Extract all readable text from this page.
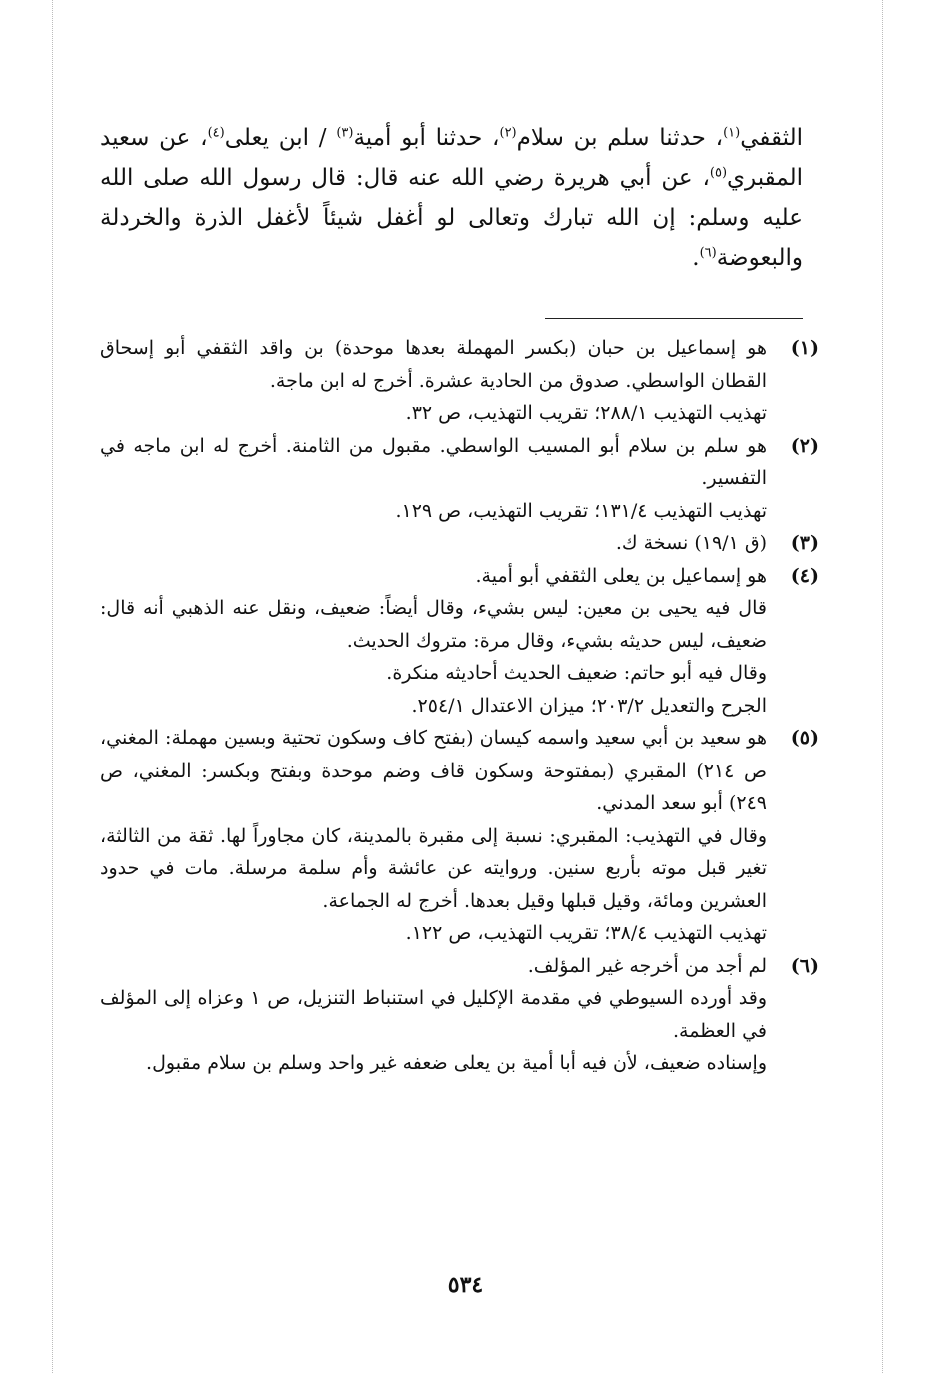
الثقفي$^{(١)}$، حدثنا سلم بن سلام$^{(٢)}$، حدثنا أبو أمية$^{(٣)}$ / ابن يعلى$^{(٤)}$، عن سعيد المقبري$^{(٥)}$، عن أبي هريرة رضي الله عنه قال: قال رسول الله صلى الله عليه وسلم: إن الله تبارك وتعالى لو أغفل شيئاً لأغفل الذرة والخردلة والبعوضة$^{(٦)}$.

(١)
هو إسماعيل بن حبان (بكسر المهملة بعدها موحدة) بن واقد الثقفي أبو إسحاق القطان الواسطي. صدوق من الحادية عشرة. أخرج له ابن ماجة.
تهذيب التهذيب ٢٨٨/١؛ تقريب التهذيب، ص ٣٢.
(٢)
هو سلم بن سلام أبو المسيب الواسطي. مقبول من الثامنة. أخرج له ابن ماجه في التفسير.
تهذيب التهذيب ١٣١/٤؛ تقريب التهذيب، ص ١٢٩.
(٣)
(ق ١٩/١) نسخة ك.
(٤)
هو إسماعيل بن يعلى الثقفي أبو أمية.
قال فيه يحيى بن معين: ليس بشيء، وقال أيضاً: ضعيف، ونقل عنه الذهبي أنه قال: ضعيف، ليس حديثه بشيء، وقال مرة: متروك الحديث.
وقال فيه أبو حاتم: ضعيف الحديث أحاديثه منكرة.
الجرح والتعديل ٢٠٣/٢؛ ميزان الاعتدال ٢٥٤/١.
(٥)
هو سعيد بن أبي سعيد واسمه كيسان (بفتح كاف وسكون تحتية وبسين مهملة: المغني، ص ٢١٤) المقبري (بمفتوحة وسكون قاف وضم موحدة وبفتح وبكسر: المغني، ص ٢٤٩) أبو سعد المدني.
وقال في التهذيب: المقبري: نسبة إلى مقبرة بالمدينة، كان مجاوراً لها. ثقة من الثالثة، تغير قبل موته بأربع سنين. وروايته عن عائشة وأم سلمة مرسلة. مات في حدود العشرين ومائة، وقيل قبلها وقيل بعدها. أخرج له الجماعة.
تهذيب التهذيب ٣٨/٤؛ تقريب التهذيب، ص ١٢٢.
(٦)
لم أجد من أخرجه غير المؤلف.
وقد أورده السيوطي في مقدمة الإكليل في استنباط التنزيل، ص ١ وعزاه إلى المؤلف في العظمة.
وإسناده ضعيف، لأن فيه أبا أمية بن يعلى ضعفه غير واحد وسلم بن سلام مقبول.
٥٣٤
